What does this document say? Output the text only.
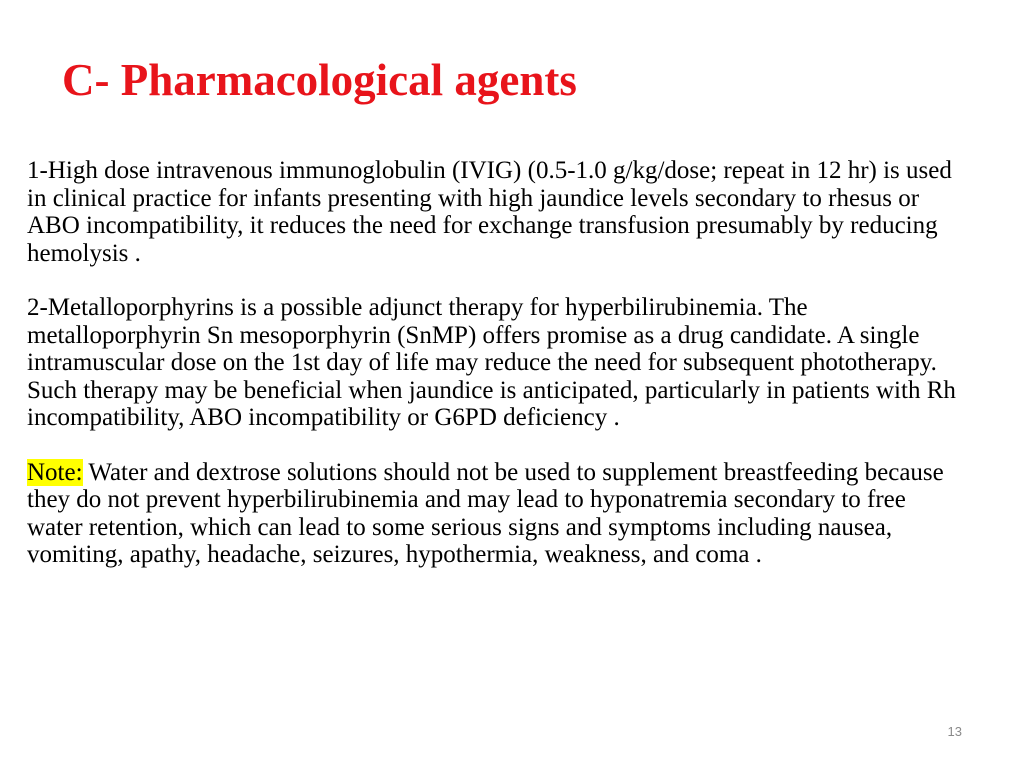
C- Pharmacological agents

1-High dose intravenous immunoglobulin (IVIG) (0.5-1.0 g/kg/dose; repeat in 12 hr) is used in clinical practice for infants presenting with high jaundice levels secondary to rhesus or ABO incompatibility, it reduces the need for exchange transfusion presumably by reducing hemolysis .

2-Metalloporphyrins is a possible adjunct therapy for hyperbilirubinemia. The metalloporphyrin Sn mesoporphyrin (SnMP) offers promise as a drug candidate. A single intramuscular dose on the 1st day of life may reduce the need for subsequent phototherapy. Such therapy may be beneficial when jaundice is anticipated, particularly in patients with Rh incompatibility, ABO incompatibility or G6PD deficiency .

Note: Water and dextrose solutions should not be used to supplement breastfeeding because they do not prevent hyperbilirubinemia and may lead to hyponatremia secondary to free water retention, which can lead to some serious signs and symptoms including nausea, vomiting, apathy, headache, seizures, hypothermia, weakness, and coma .

13
